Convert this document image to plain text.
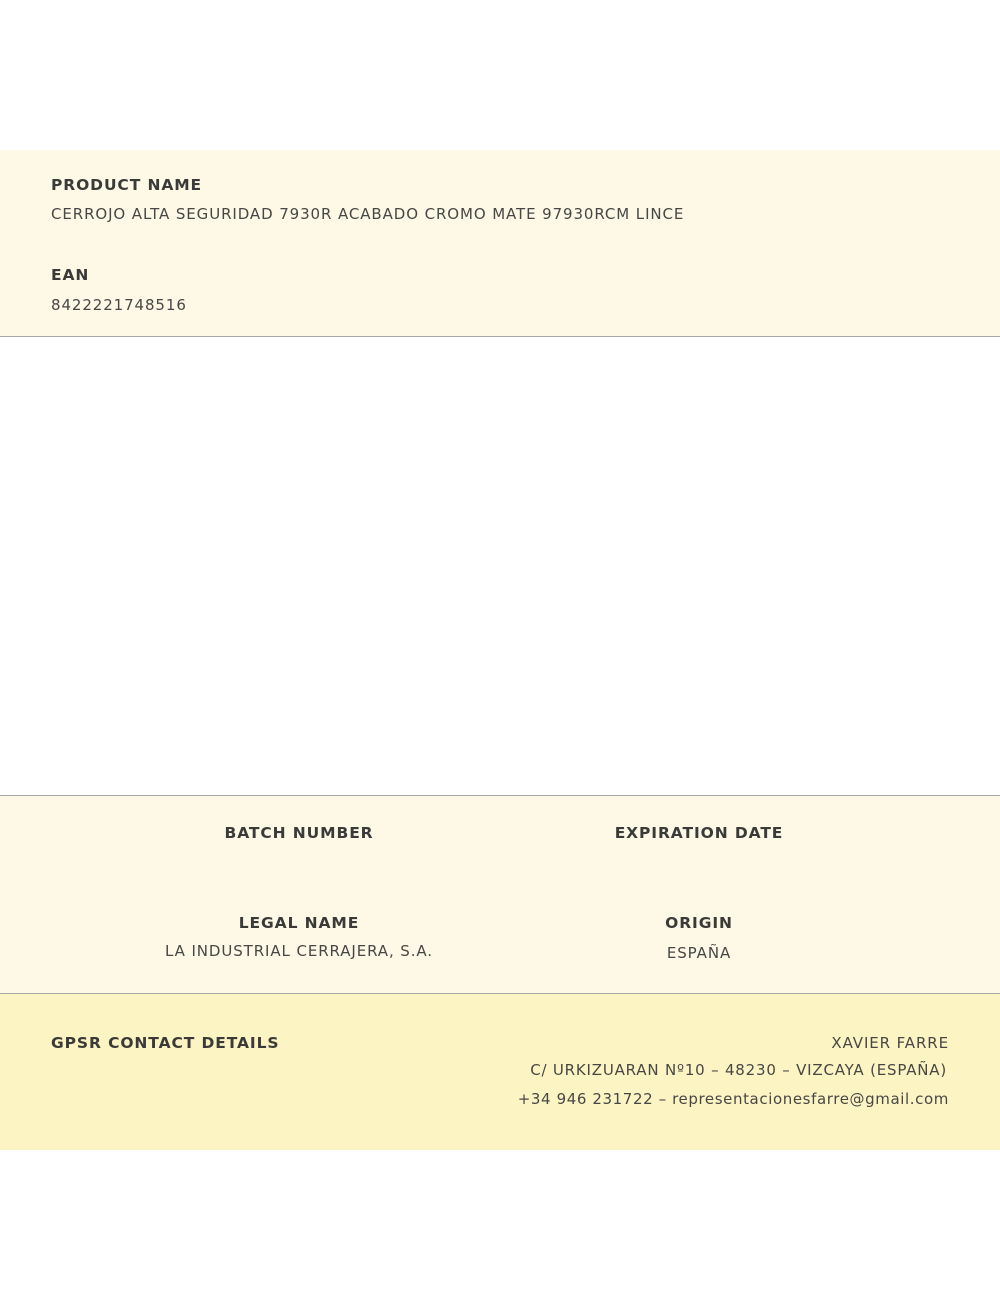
PRODUCT NAME
CERROJO ALTA SEGURIDAD 7930R ACABADO CROMO MATE 97930RCM LINCE
EAN
8422221748516
BATCH NUMBER	EXPIRATION DATE
LEGAL NAME
LA INDUSTRIAL CERRAJERA, S.A.
ORIGIN
ESPAÑA
GPSR CONTACT DETAILS	XAVIER FARRE
C/ URKIZUARAN Nº10 – 48230 – VIZCAYA (ESPAÑA)
+34 946 231722 – representacionesfarre@gmail.com
